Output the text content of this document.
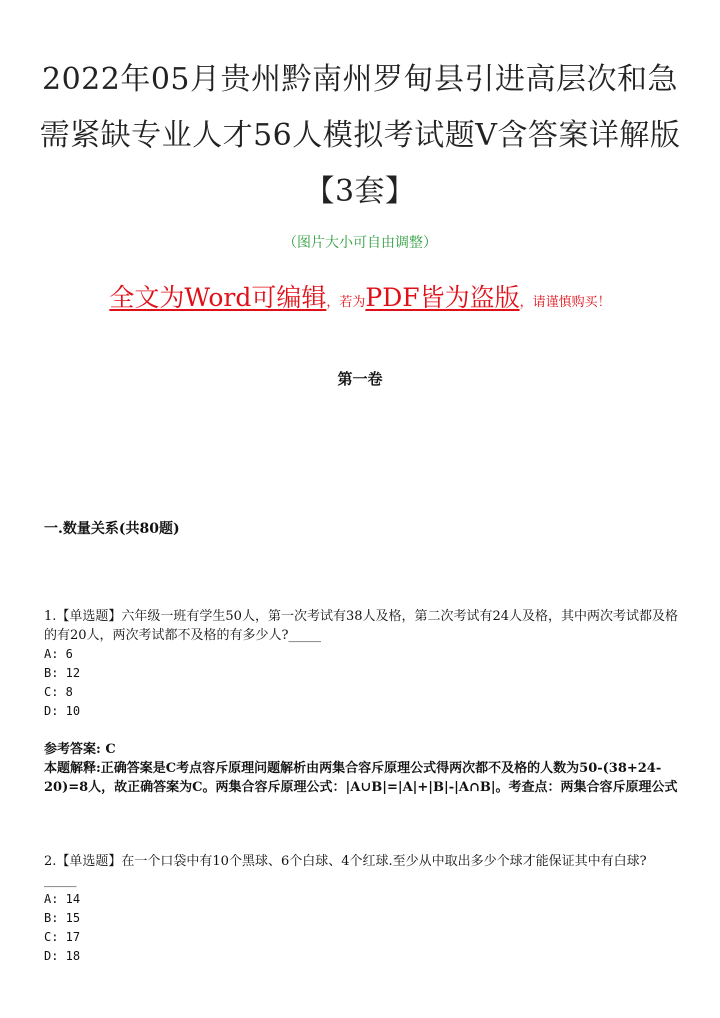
2022年05月贵州黔南州罗甸县引进高层次和急需紧缺专业人才56人模拟考试题V含答案详解版【3套】
（图片大小可自由调整）
全文为Word可编辑，若为PDF皆为盗版，请谨慎购买！
第一卷
一.数量关系(共80题)

1.【单选题】六年级一班有学生50人，第一次考试有38人及格，第二次考试有24人及格，其中两次考试都及格的有20人，两次考试都不及格的有多少人?_____

A: 6

B: 12

C: 8

D: 10

参考答案: C

本题解释:正确答案是C考点容斥原理问题解析由两集合容斥原理公式得两次都不及格的人数为50-(38+24-20)=8人，故正确答案为C。两集合容斥原理公式：|A∪B|=|A|+|B|-|A∩B|。考查点：两集合容斥原理公式

2.【单选题】在一个口袋中有10个黑球、6个白球、4个红球.至少从中取出多少个球才能保证其中有白球? _____

A: 14

B: 15

C: 17

D: 18
